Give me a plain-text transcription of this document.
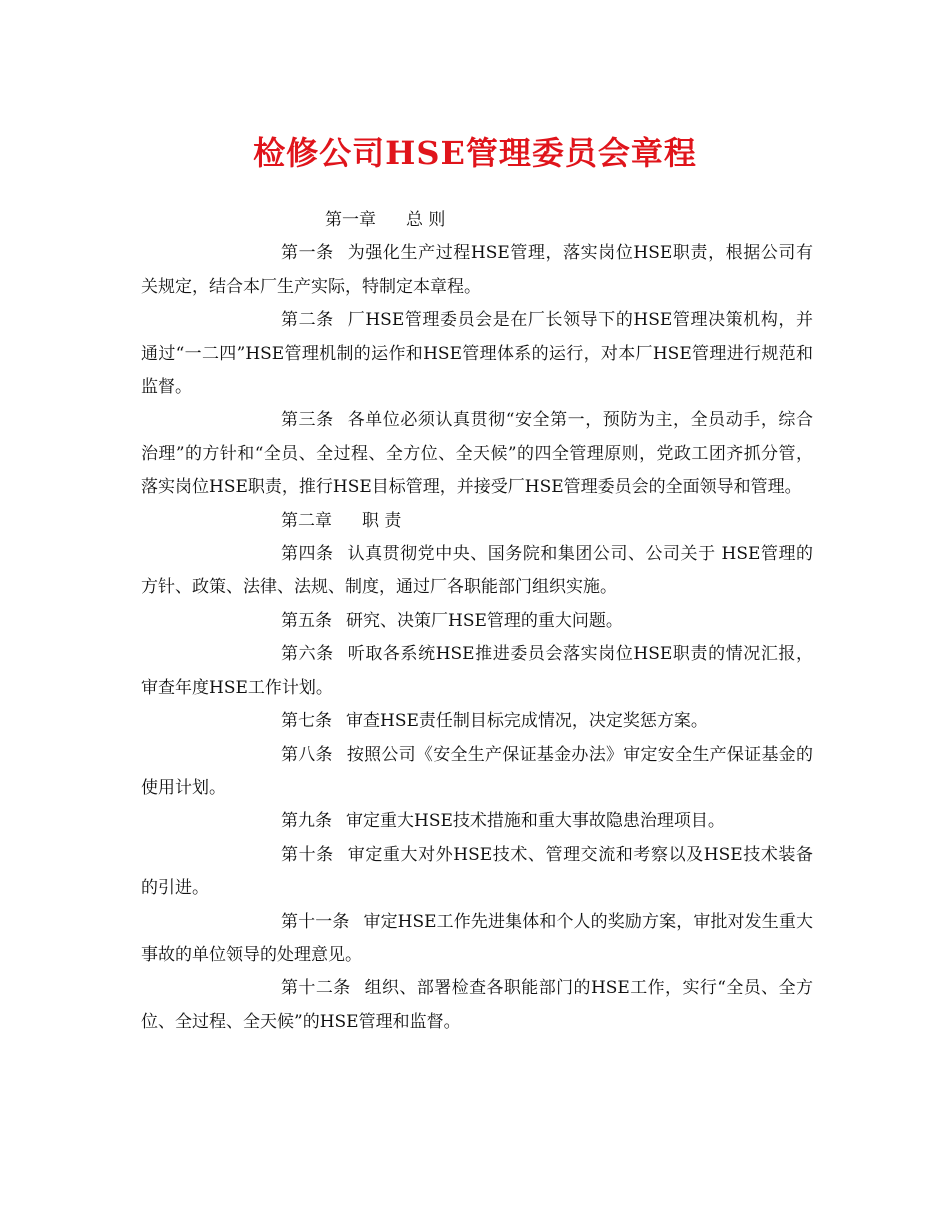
检修公司HSE管理委员会章程

第一章 总 则

第一条 为强化生产过程HSE管理，落实岗位HSE职责，根据公司有关规定，结合本厂生产实际，特制定本章程。

第二条 厂HSE管理委员会是在厂长领导下的HSE管理决策机构，并通过“一二四”HSE管理机制的运作和HSE管理体系的运行，对本厂HSE管理进行规范和监督。

第三条 各单位必须认真贯彻“安全第一，预防为主，全员动手，综合治理”的方针和“全员、全过程、全方位、全天候”的四全管理原则，党政工团齐抓分管，落实岗位HSE职责，推行HSE目标管理，并接受厂HSE管理委员会的全面领导和管理。

第二章 职 责

第四条 认真贯彻党中央、国务院和集团公司、公司关于 HSE管理的方针、政策、法律、法规、制度，通过厂各职能部门组织实施。

第五条 研究、决策厂HSE管理的重大问题。

第六条 听取各系统HSE推进委员会落实岗位HSE职责的情况汇报，审查年度HSE工作计划。

第七条 审查HSE责任制目标完成情况，决定奖惩方案。

第八条 按照公司《安全生产保证基金办法》审定安全生产保证基金的使用计划。

第九条 审定重大HSE技术措施和重大事故隐患治理项目。

第十条 审定重大对外HSE技术、管理交流和考察以及HSE技术装备的引进。

第十一条 审定HSE工作先进集体和个人的奖励方案，审批对发生重大事故的单位领导的处理意见。

第十二条 组织、部署检查各职能部门的HSE工作，实行“全员、全方位、全过程、全天候”的HSE管理和监督。
